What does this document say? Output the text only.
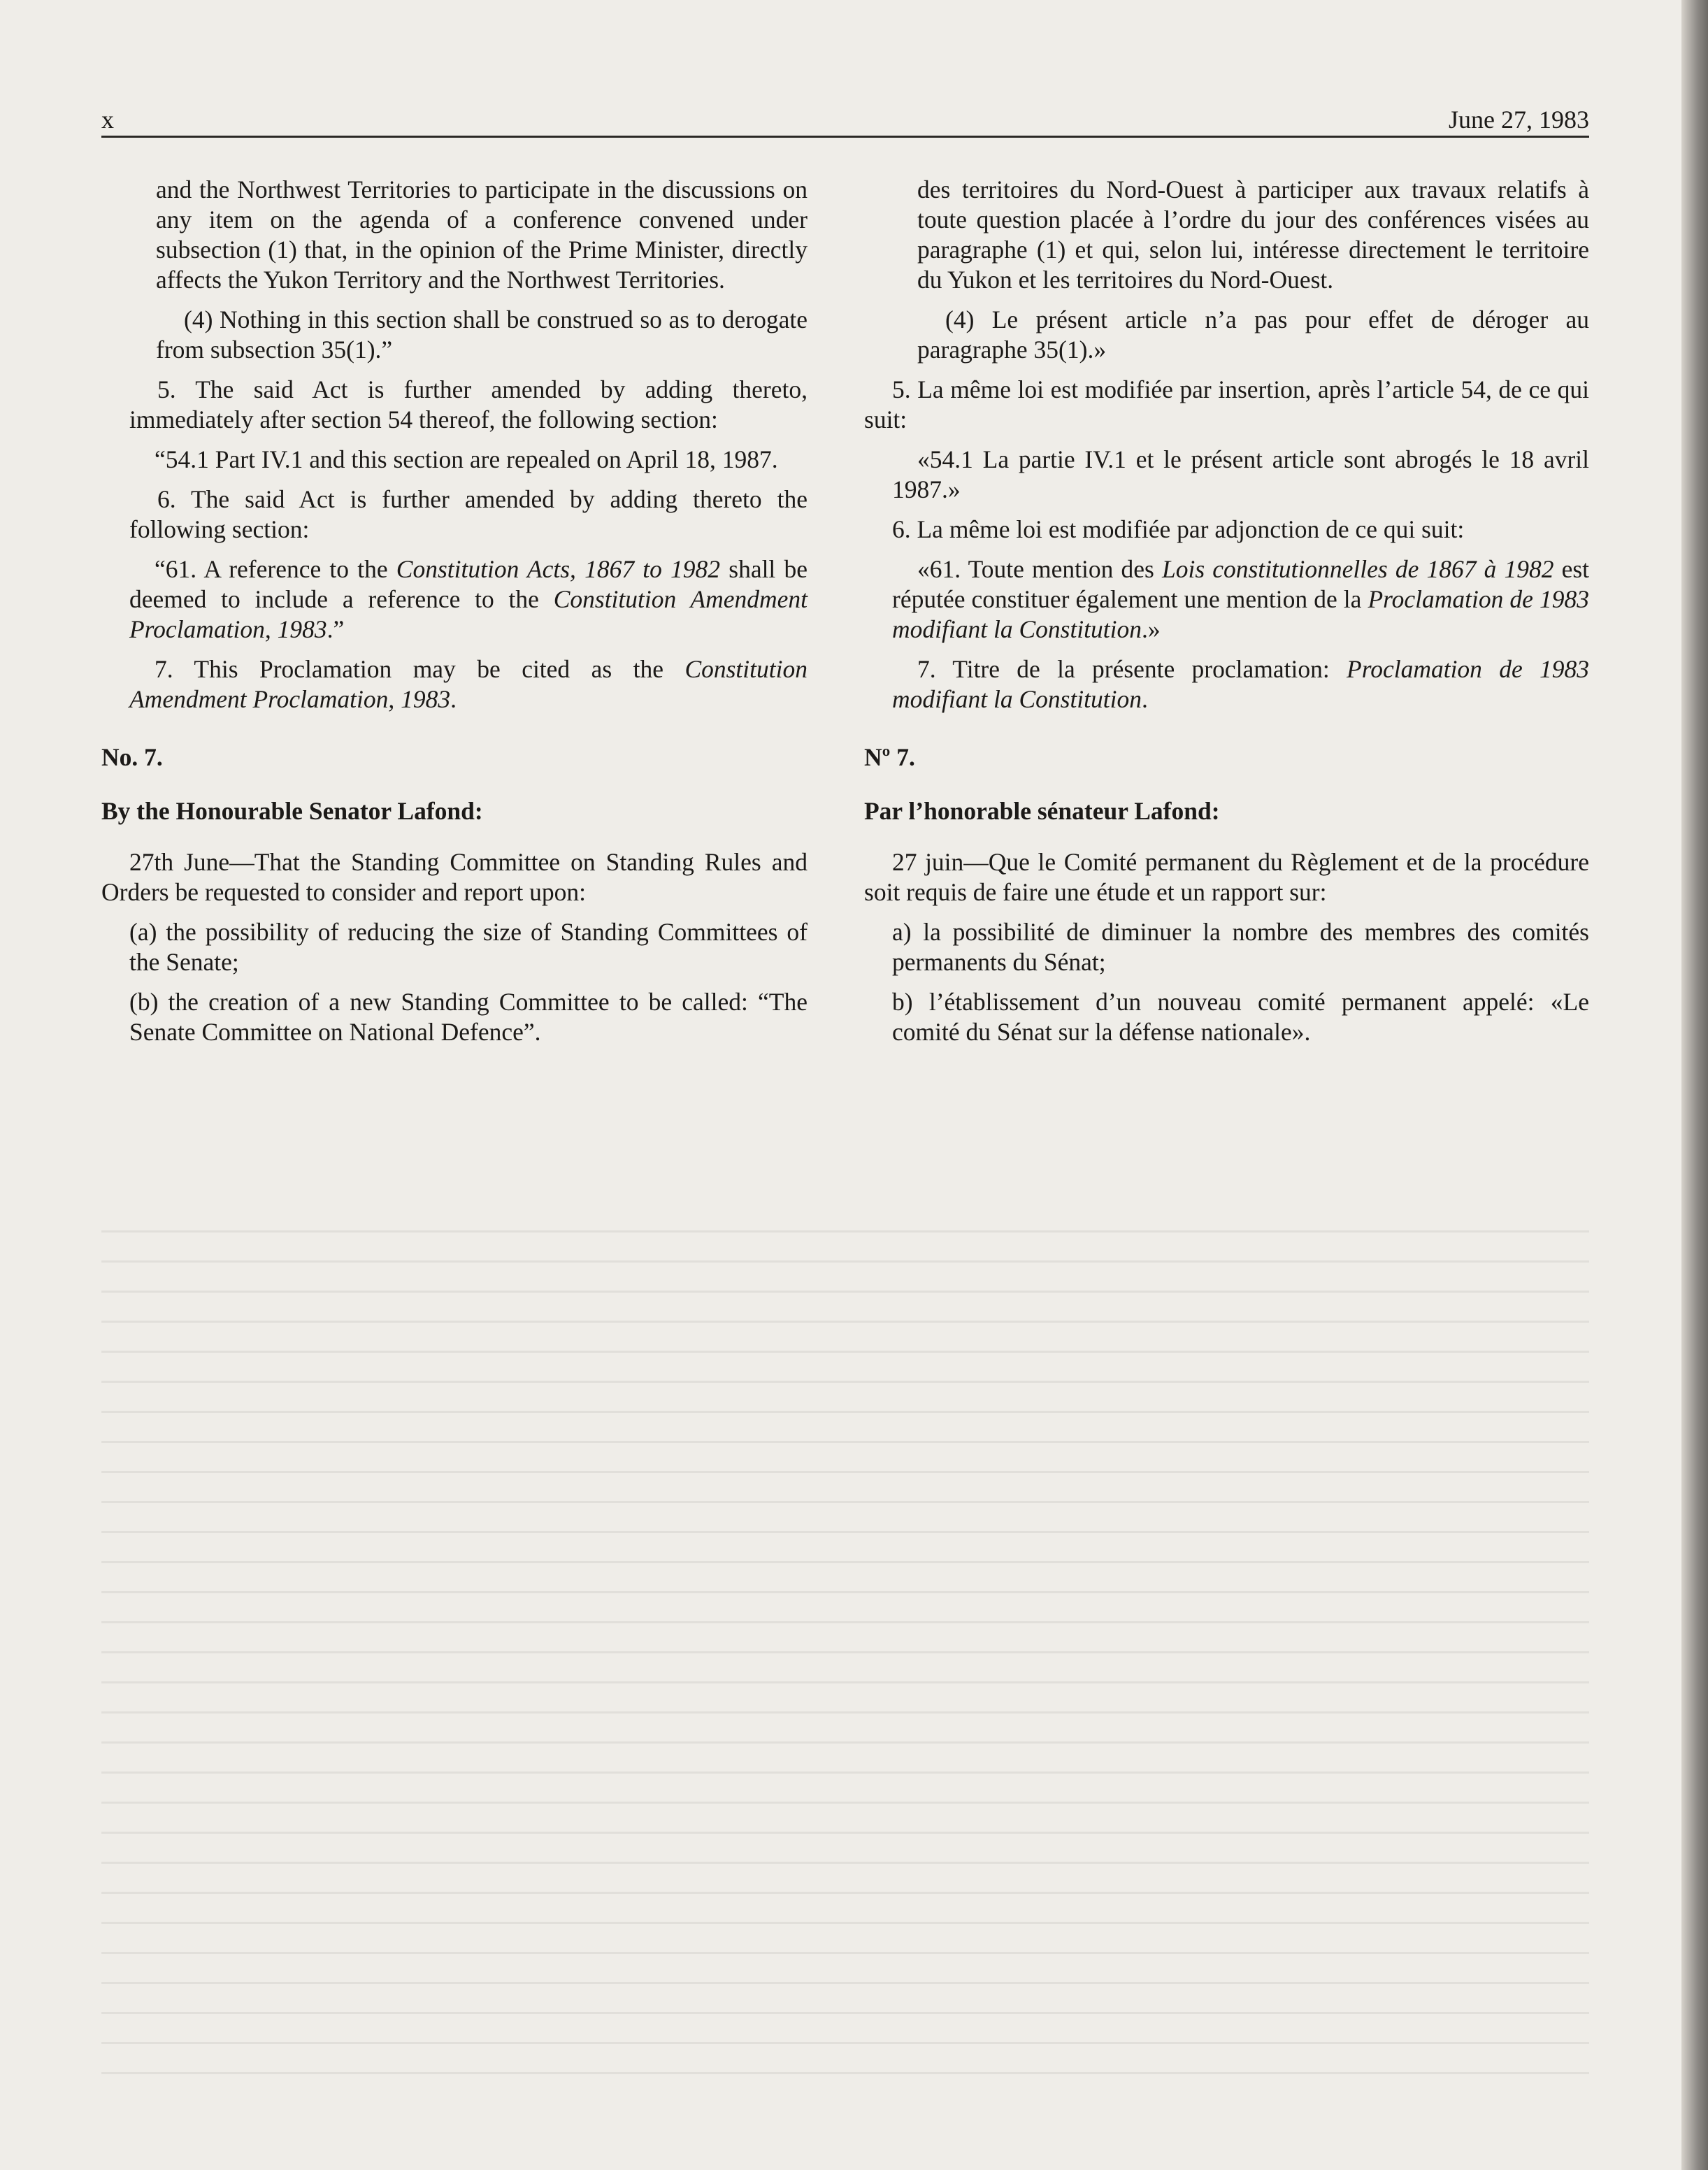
x	June 27, 1983

and the Northwest Territories to participate in the discussions on any item on the agenda of a conference convened under subsection (1) that, in the opinion of the Prime Minister, directly affects the Yukon Territory and the Northwest Territories.

(4) Nothing in this section shall be construed so as to derogate from subsection 35(1).”

5. The said Act is further amended by adding thereto, immediately after section 54 thereof, the following section:

“54.1 Part IV.1 and this section are repealed on April 18, 1987.

6. The said Act is further amended by adding thereto the following section:

“61. A reference to the Constitution Acts, 1867 to 1982 shall be deemed to include a reference to the Constitution Amendment Proclamation, 1983.”

7. This Proclamation may be cited as the Constitution Amendment Proclamation, 1983.

No. 7.

By the Honourable Senator Lafond:

27th June—That the Standing Committee on Standing Rules and Orders be requested to consider and report upon:

(a) the possibility of reducing the size of Standing Committees of the Senate;

(b) the creation of a new Standing Committee to be called: “The Senate Committee on National Defence”.

des territoires du Nord-Ouest à participer aux travaux relatifs à toute question placée à l’ordre du jour des conférences visées au paragraphe (1) et qui, selon lui, intéresse directement le territoire du Yukon et les territoires du Nord-Ouest.

(4) Le présent article n’a pas pour effet de déroger au paragraphe 35(1).»

5. La même loi est modifiée par insertion, après l’article 54, de ce qui suit:

«54.1 La partie IV.1 et le présent article sont abrogés le 18 avril 1987.»

6. La même loi est modifiée par adjonction de ce qui suit:

«61. Toute mention des Lois constitutionnelles de 1867 à 1982 est réputée constituer également une mention de la Proclamation de 1983 modifiant la Constitution.»

7. Titre de la présente proclamation: Proclamation de 1983 modifiant la Constitution.

Nº 7.

Par l’honorable sénateur Lafond:

27 juin—Que le Comité permanent du Règlement et de la procédure soit requis de faire une étude et un rapport sur:

a) la possibilité de diminuer la nombre des membres des comités permanents du Sénat;

b) l’établissement d’un nouveau comité permanent appelé: «Le comité du Sénat sur la défense nationale».
